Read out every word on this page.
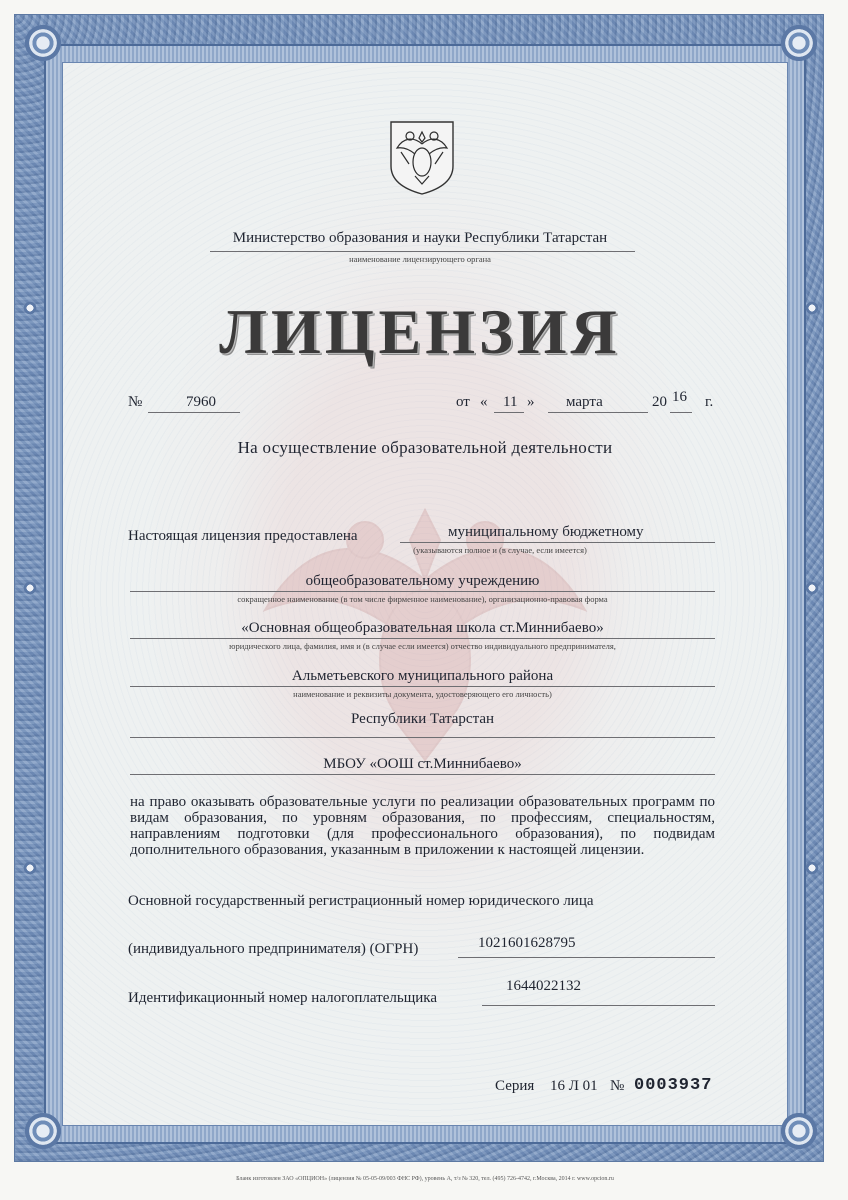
Министерство образования и науки Республики Татарстан
наименование лицензирующего органа
ЛИЦЕНЗИЯ
№	7960	от « 11 » марта	20 16 г.
На осуществление образовательной деятельности
Настоящая лицензия предоставлена	муниципальному бюджетному
(указываются полное и (в случае, если имеется)
общеобразовательному учреждению
сокращенное наименование (в том числе фирменное наименование), организационно-правовая форма
«Основная общеобразовательная школа ст.Миннибаево»
юридического лица, фамилия, имя и (в случае если имеется) отчество индивидуального предпринимателя,
Альметьевского муниципального района
наименование и реквизиты документа, удостоверяющего его личность)
Республики Татарстан
МБОУ «ООШ ст.Миннибаево»
на право оказывать образовательные услуги по реализации образовательных программ по видам образования, по уровням образования, по профессиям, специальностям, направлениям подготовки (для профессионального образования), по подвидам дополнительного образования, указанным в приложении к настоящей лицензии.
Основной государственный регистрационный номер юридического лица
(индивидуального предпринимателя) (ОГРН)	1021601628795
Идентификационный номер налогоплательщика
1644022132
Серия 16 Л 01 № 0003937
Бланк изготовлен ЗАО «ОПЦИОН» (лицензия № 05-05-09/003 ФНС РФ), уровень А, т/з № 320, тел. (495) 726-4742, г.Москва, 2014 г. www.opcion.ru
